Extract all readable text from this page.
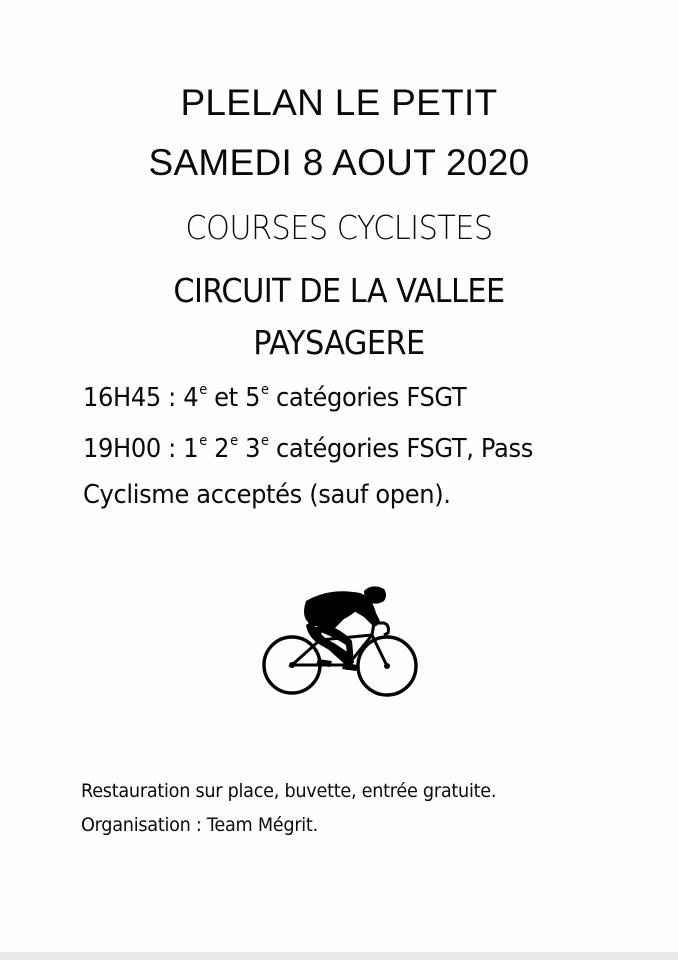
PLELAN LE PETIT
SAMEDI 8 AOUT 2020
COURSES CYCLISTES
CIRCUIT DE LA VALLEE
PAYSAGERE
16H45 : 4e et 5e catégories FSGT
19H00 : 1e 2e 3e catégories FSGT, Pass
Cyclisme acceptés (sauf open).
Restauration sur place, buvette, entrée gratuite.
Organisation : Team Mégrit.
